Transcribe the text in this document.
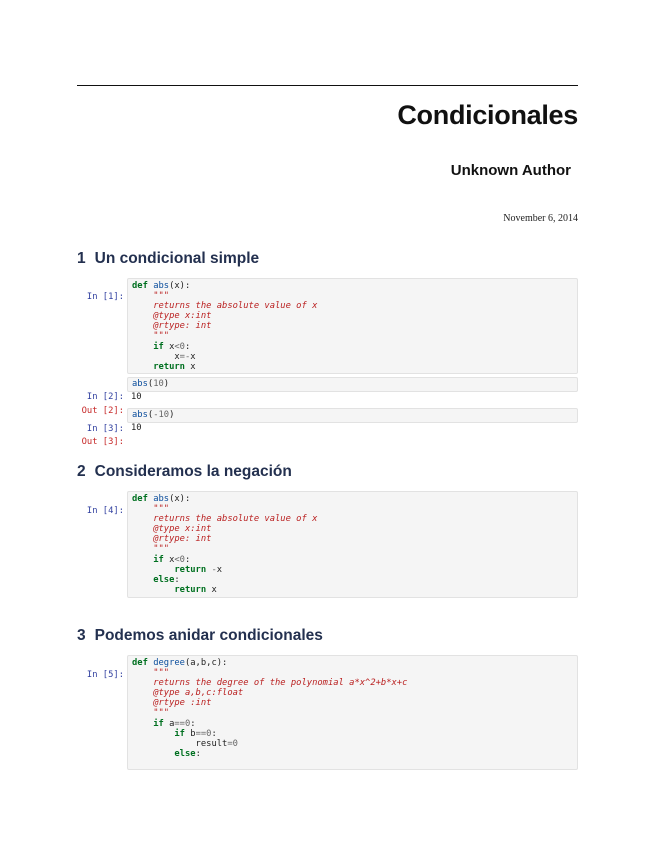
Condicionales
Unknown Author
November 6, 2014
1 Un condicional simple
In [1]:
def abs(x):
"""
returns the absolute value of x
@type x:int
@rtype: int
"""
if x<0:
x=-x
return x
In [2]:
abs(10)
10
Out [2]:
In [3]:
abs(-10)
10
Out [3]:
2 Consideramos la negación
In [4]:
def abs(x):
"""
returns the absolute value of x
@type x:int
@rtype: int
"""
if x<0:
return -x
else:
return x
3 Podemos anidar condicionales
In [5]:
def degree(a,b,c):
"""
returns the degree of the polynomial a*x^2+b*x+c
@type a,b,c:float
@rtype :int
"""
if a==0:
if b==0:
result=0
else:
